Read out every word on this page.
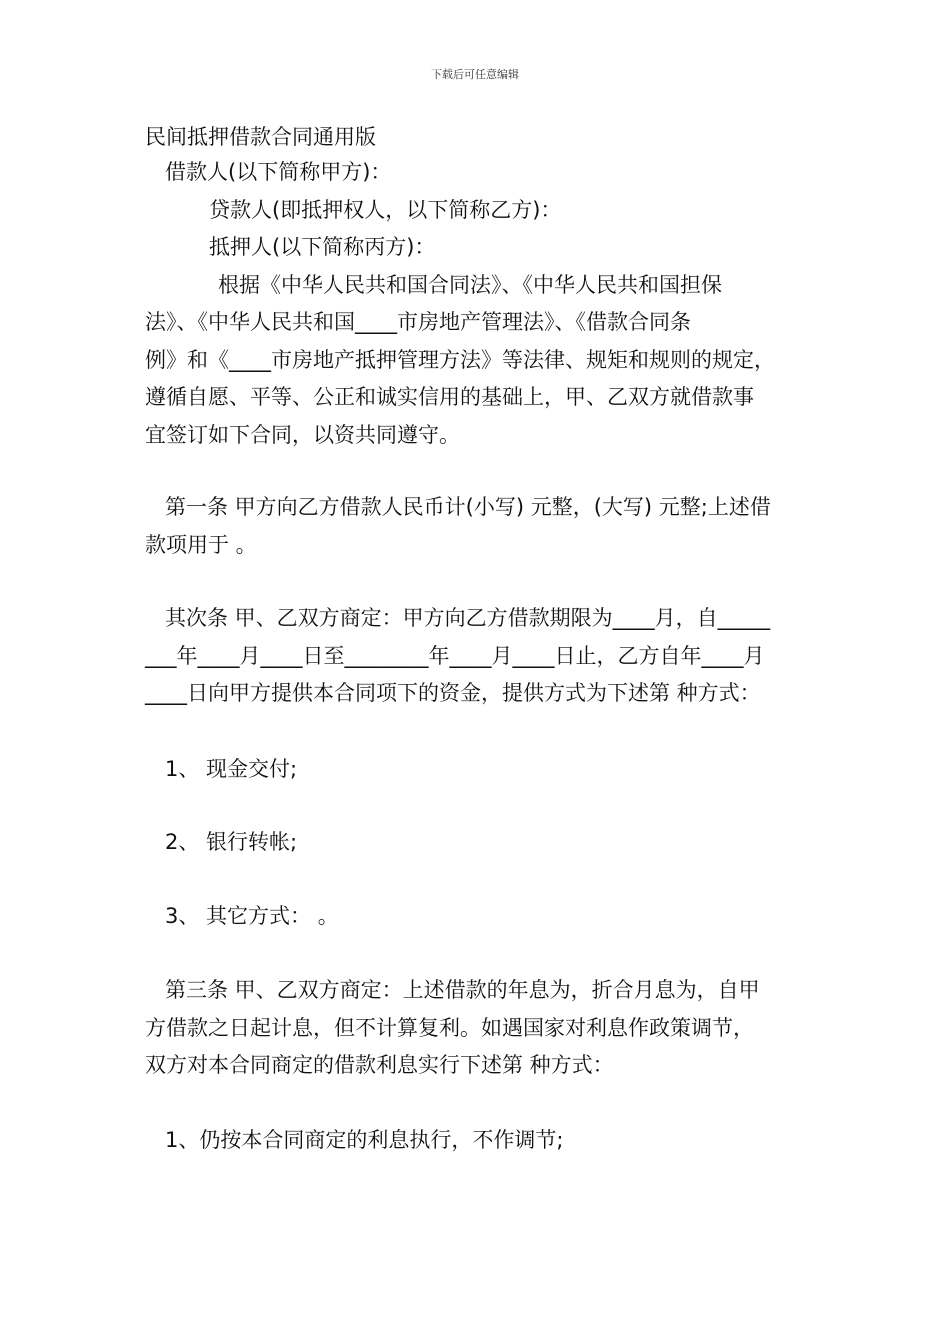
下载后可任意编辑
民间抵押借款合同通用版
借款人(以下简称甲方)：
贷款人(即抵押权人，以下简称乙方)：
抵押人(以下简称丙方)：
根据《中华人民共和国合同法》、《中华人民共和国担保
法》、《中华人民共和国____市房地产管理法》、《借款合同条
例》和《____市房地产抵押管理方法》等法律、规矩和规则的规定，
遵循自愿、平等、公正和诚实信用的基础上，甲、乙双方就借款事
宜签订如下合同，以资共同遵守。
第一条 甲方向乙方借款人民币计(小写) 元整，(大写) 元整;上述借
款项用于 。
其次条 甲、乙双方商定：甲方向乙方借款期限为____月，自_____
___年____月____日至________年____月____日止，乙方自年____月
____日向甲方提供本合同项下的资金，提供方式为下述第 种方式：
1、 现金交付;
2、 银行转帐;
3、 其它方式： 。
第三条 甲、乙双方商定：上述借款的年息为，折合月息为，自甲
方借款之日起计息，但不计算复利。如遇国家对利息作政策调节，
双方对本合同商定的借款利息实行下述第 种方式：
1、仍按本合同商定的利息执行，不作调节;
